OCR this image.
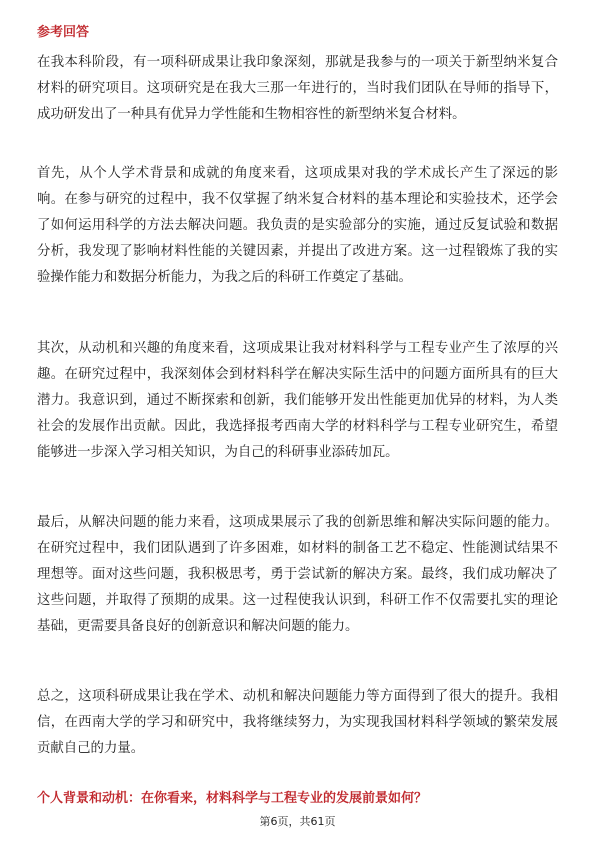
参考回答

在我本科阶段，有一项科研成果让我印象深刻，那就是我参与的一项关于新型纳米复合材料的研究项目。这项研究是在我大三那一年进行的，当时我们团队在导师的指导下，成功研发出了一种具有优异力学性能和生物相容性的新型纳米复合材料。

首先，从个人学术背景和成就的角度来看，这项成果对我的学术成长产生了深远的影响。在参与研究的过程中，我不仅掌握了纳米复合材料的基本理论和实验技术，还学会了如何运用科学的方法去解决问题。我负责的是实验部分的实施，通过反复试验和数据分析，我发现了影响材料性能的关键因素，并提出了改进方案。这一过程锻炼了我的实验操作能力和数据分析能力，为我之后的科研工作奠定了基础。

其次，从动机和兴趣的角度来看，这项成果让我对材料科学与工程专业产生了浓厚的兴趣。在研究过程中，我深刻体会到材料科学在解决实际生活中的问题方面所具有的巨大潜力。我意识到，通过不断探索和创新，我们能够开发出性能更加优异的材料，为人类社会的发展作出贡献。因此，我选择报考西南大学的材料科学与工程专业研究生，希望能够进一步深入学习相关知识，为自己的科研事业添砖加瓦。

最后，从解决问题的能力来看，这项成果展示了我的创新思维和解决实际问题的能力。在研究过程中，我们团队遇到了许多困难，如材料的制备工艺不稳定、性能测试结果不理想等。面对这些问题，我积极思考，勇于尝试新的解决方案。最终，我们成功解决了这些问题，并取得了预期的成果。这一过程使我认识到，科研工作不仅需要扎实的理论基础，更需要具备良好的创新意识和解决问题的能力。

总之，这项科研成果让我在学术、动机和解决问题能力等方面得到了很大的提升。我相信，在西南大学的学习和研究中，我将继续努力，为实现我国材料科学领域的繁荣发展贡献自己的力量。

个人背景和动机：在你看来，材料科学与工程专业的发展前景如何？
第6页，共61页
